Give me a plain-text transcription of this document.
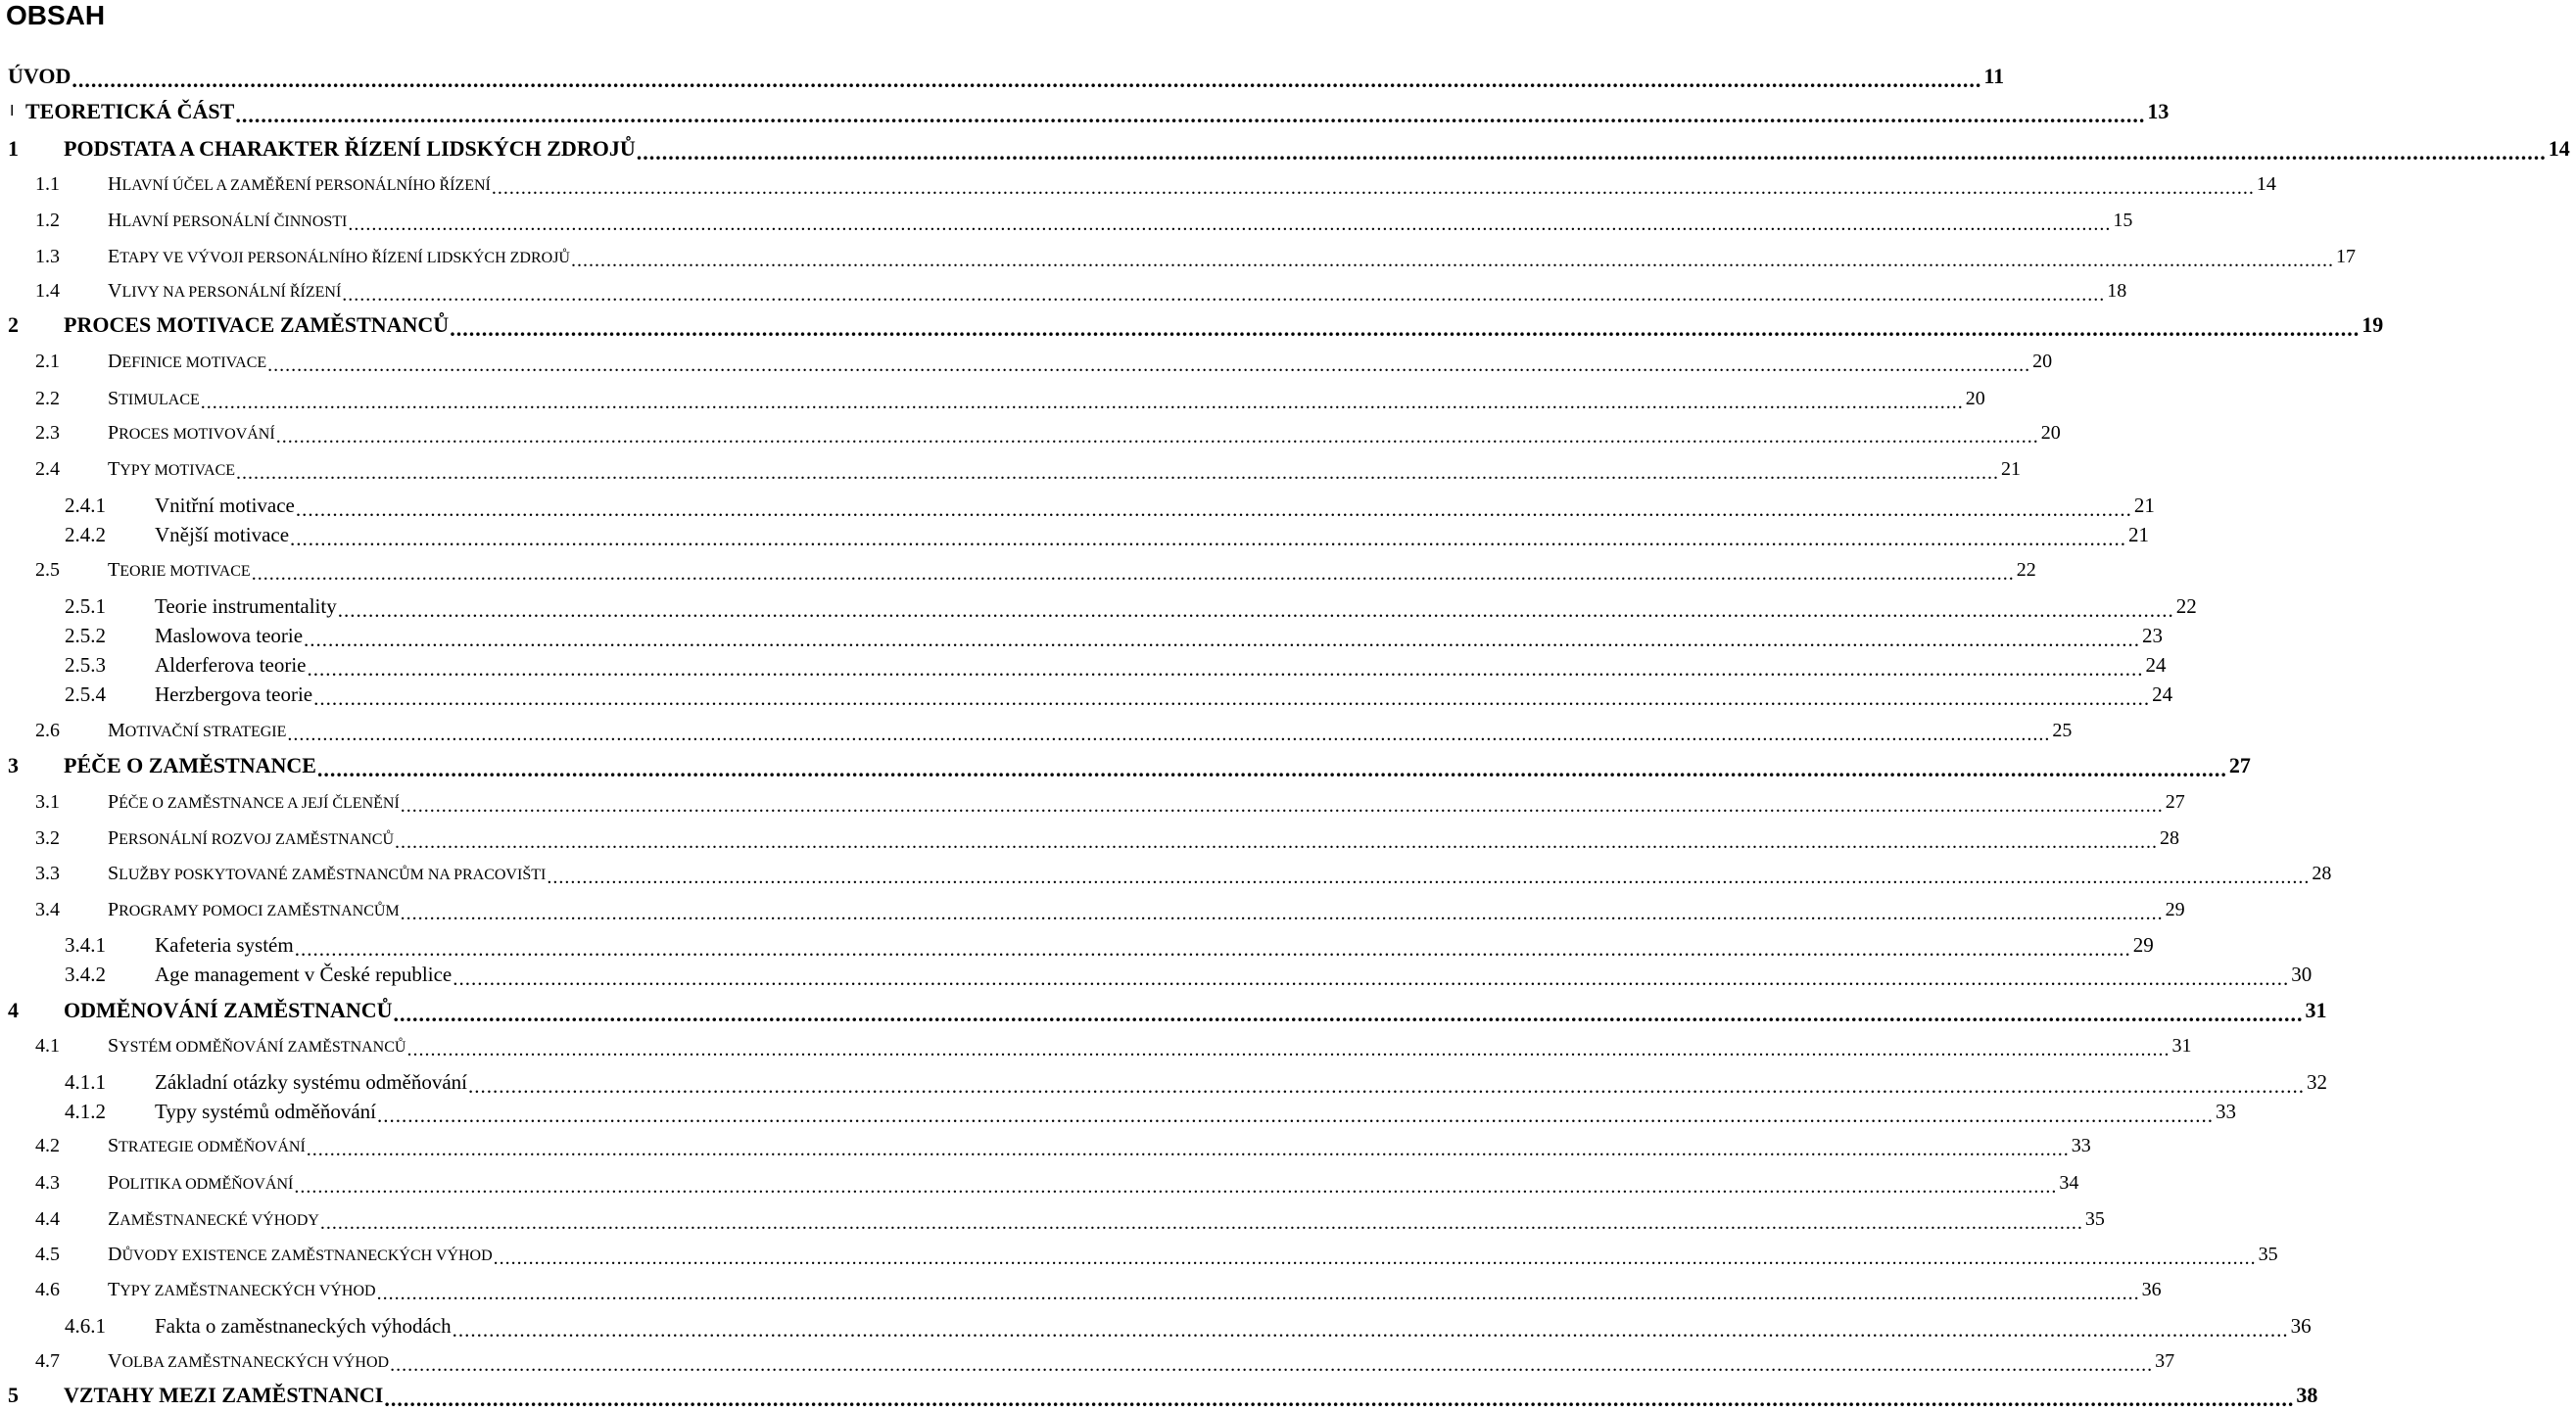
OBSAH
ÚVOD ............................................................................................................................................................................................................................................................................................................ 11
I TEORETICKÁ ČÁST ............................................................................................................................................................................................................................................................................................................ 13
1 PODSTATA A CHARAKTER ŘÍZENÍ LIDSKÝCH ZDROJŮ ............................................................................................................................................................................................................................................................................................................ 14
1.1 HLAVNÍ ÚČEL A ZAMĚŘENÍ PERSONÁLNÍHO ŘÍZENÍ ............................................................................................................................................................................................................................................................................................................ 14
1.2 HLAVNÍ PERSONÁLNÍ ČINNOSTI ............................................................................................................................................................................................................................................................................................................ 15
1.3 ETAPY VE VÝVOJI PERSONÁLNÍHO ŘÍZENÍ LIDSKÝCH ZDROJŮ ............................................................................................................................................................................................................................................................................................................ 17
1.4 VLIVY NA PERSONÁLNÍ ŘÍZENÍ ............................................................................................................................................................................................................................................................................................................ 18
2 PROCES MOTIVACE ZAMĚSTNANCŮ ............................................................................................................................................................................................................................................................................................................ 19
2.1 DEFINICE MOTIVACE ............................................................................................................................................................................................................................................................................................................ 20
2.2 STIMULACE ............................................................................................................................................................................................................................................................................................................ 20
2.3 PROCES MOTIVOVÁNÍ ............................................................................................................................................................................................................................................................................................................ 20
2.4 TYPY MOTIVACE ............................................................................................................................................................................................................................................................................................................ 21
2.4.1 Vnitřní motivace ............................................................................................................................................................................................................................................................................................................ 21
2.4.2 Vnější motivace ............................................................................................................................................................................................................................................................................................................ 21
2.5 TEORIE MOTIVACE ............................................................................................................................................................................................................................................................................................................ 22
2.5.1 Teorie instrumentality ............................................................................................................................................................................................................................................................................................................ 22
2.5.2 Maslowova teorie ............................................................................................................................................................................................................................................................................................................ 23
2.5.3 Alderferova teorie ............................................................................................................................................................................................................................................................................................................ 24
2.5.4 Herzbergova teorie ............................................................................................................................................................................................................................................................................................................ 24
2.6 MOTIVAČNÍ STRATEGIE ............................................................................................................................................................................................................................................................................................................ 25
3 PÉČE O ZAMĚSTNANCE ............................................................................................................................................................................................................................................................................................................ 27
3.1 PÉČE O ZAMĚSTNANCE A JEJÍ ČLENĚNÍ ............................................................................................................................................................................................................................................................................................................ 27
3.2 PERSONÁLNÍ ROZVOJ ZAMĚSTNANCŮ ............................................................................................................................................................................................................................................................................................................ 28
3.3 SLUŽBY POSKYTOVANÉ ZAMĚSTNANCŮM NA PRACOVIŠTI ............................................................................................................................................................................................................................................................................................................ 28
3.4 PROGRAMY POMOCI ZAMĚSTNANCŮM ............................................................................................................................................................................................................................................................................................................ 29
3.4.1 Kafeteria systém ............................................................................................................................................................................................................................................................................................................ 29
3.4.2 Age management v České republice ............................................................................................................................................................................................................................................................................................................ 30
4 ODMĚNOVÁNÍ ZAMĚSTNANCŮ ............................................................................................................................................................................................................................................................................................................ 31
4.1 SYSTÉM ODMĚŇOVÁNÍ ZAMĚSTNANCŮ ............................................................................................................................................................................................................................................................................................................ 31
4.1.1 Základní otázky systému odměňování ............................................................................................................................................................................................................................................................................................................ 32
4.1.2 Typy systémů odměňování ............................................................................................................................................................................................................................................................................................................ 33
4.2 STRATEGIE ODMĚŇOVÁNÍ ............................................................................................................................................................................................................................................................................................................ 33
4.3 POLITIKA ODMĚŇOVÁNÍ ............................................................................................................................................................................................................................................................................................................ 34
4.4 ZAMĚSTNANECKÉ VÝHODY ............................................................................................................................................................................................................................................................................................................ 35
4.5 DŮVODY EXISTENCE ZAMĚSTNANECKÝCH VÝHOD ............................................................................................................................................................................................................................................................................................................ 35
4.6 TYPY ZAMĚSTNANECKÝCH VÝHOD ............................................................................................................................................................................................................................................................................................................ 36
4.6.1 Fakta o zaměstnaneckých výhodách ............................................................................................................................................................................................................................................................................................................ 36
4.7 VOLBA ZAMĚSTNANECKÝCH VÝHOD ............................................................................................................................................................................................................................................................................................................ 37
5 VZTAHY MEZI ZAMĚSTNANCI ............................................................................................................................................................................................................................................................................................................ 38
